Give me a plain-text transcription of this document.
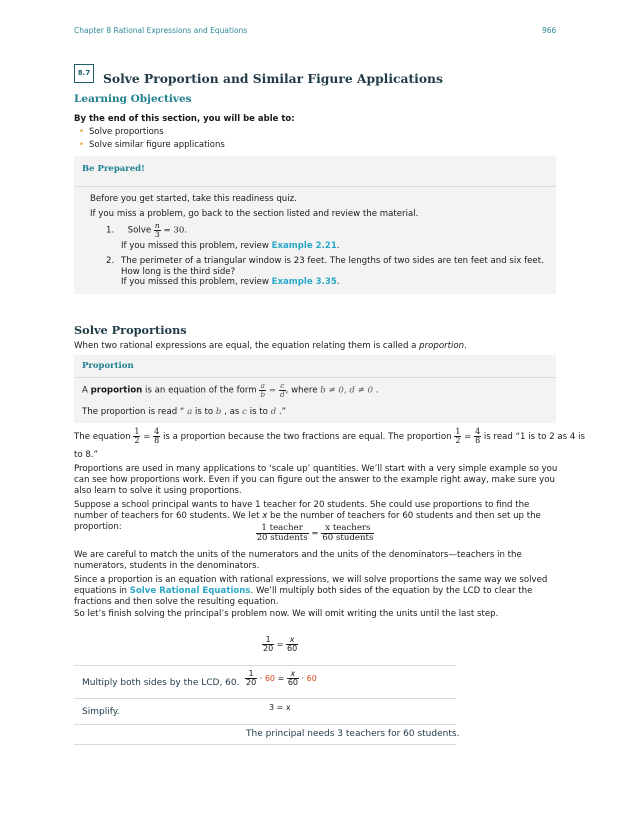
Chapter 8 Rational Expressions and Equations	966
8.7	Solve Proportion and Similar Figure Applications
Learning Objectives
By the end of this section, you will be able to:
• Solve proportions
• Solve similar figure applications
Be Prepared!
Before you get started, take this readiness quiz.
If you miss a problem, go back to the section listed and review the material.
1. Solve $\frac{n}{3} = 30$.
If you missed this problem, review Example 2.21.
2. The perimeter of a triangular window is 23 feet. The lengths of two sides are ten feet and six feet. How long is the third side?
If you missed this problem, review Example 3.35.
Solve Proportions
When two rational expressions are equal, the equation relating them is called a proportion.
Proportion
A proportion is an equation of the form $\frac{a}{b} = \frac{c}{d}$ , where b ≠ 0, d ≠ 0 .
The proportion is read “ a is to b , as c is to d .”
The equation $\frac{1}{2} = \frac{4}{8}$ is a proportion because the two fractions are equal. The proportion $\frac{1}{2} = \frac{4}{8}$ is read “1 is to 2 as 4 is
to 8.”
Proportions are used in many applications to ‘scale up’ quantities. We’ll start with a very simple example so you can see how proportions work. Even if you can figure out the answer to the example right away, make sure you also learn to solve it using proportions.
Suppose a school principal wants to have 1 teacher for 20 students. She could use proportions to find the number of teachers for 60 students. We let x be the number of teachers for 60 students and then set up the proportion:	$\frac{\text{1 teacher}}{\text{20 students}} = \frac{\text{x teachers}}{\text{60 students}}$
We are careful to match the units of the numerators and the units of the denominators—teachers in the numerators, students in the denominators.
Since a proportion is an equation with rational expressions, we will solve proportions the same way we solved equations in Solve Rational Equations. We’ll multiply both sides of the equation by the LCD to clear the fractions and then solve the resulting equation.
So let’s finish solving the principal’s problem now. We will omit writing the units until the last step.
$\frac{1}{20} = \frac{x}{60}$
Multiply both sides by the LCD, 60. $\frac{1}{20} \cdot 60 = \frac{x}{60} \cdot 60$
Simplify.	3 = x
The principal needs 3 teachers for 60 students.
